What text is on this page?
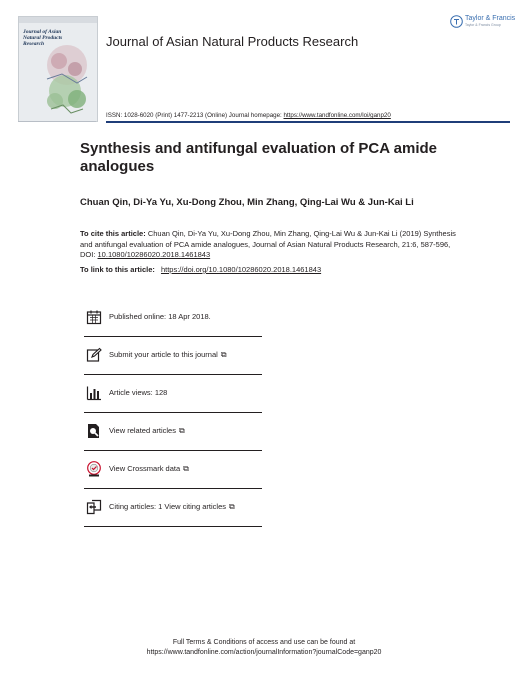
Journal of Asian Natural Products Research
Taylor & Francis
Taylor & Francis Group
Journal of Asian Natural Products Research
ISSN: 1028-6020 (Print) 1477-2213 (Online) Journal homepage: https://www.tandfonline.com/loi/ganp20
Synthesis and antifungal evaluation of PCA amide analogues
Chuan Qin, Di-Ya Yu, Xu-Dong Zhou, Min Zhang, Qing-Lai Wu & Jun-Kai Li
To cite this article: Chuan Qin, Di-Ya Yu, Xu-Dong Zhou, Min Zhang, Qing-Lai Wu & Jun-Kai Li (2019) Synthesis and antifungal evaluation of PCA amide analogues, Journal of Asian Natural Products Research, 21:6, 587-596, DOI: 10.1080/10286020.2018.1461843
To link to this article: https://doi.org/10.1080/10286020.2018.1461843
Published online: 18 Apr 2018.
Submit your article to this journal ⧉
Article views: 128
View related articles ⧉
View Crossmark data ⧉
Citing articles: 1 View citing articles ⧉
Full Terms & Conditions of access and use can be found at
https://www.tandfonline.com/action/journalInformation?journalCode=ganp20
